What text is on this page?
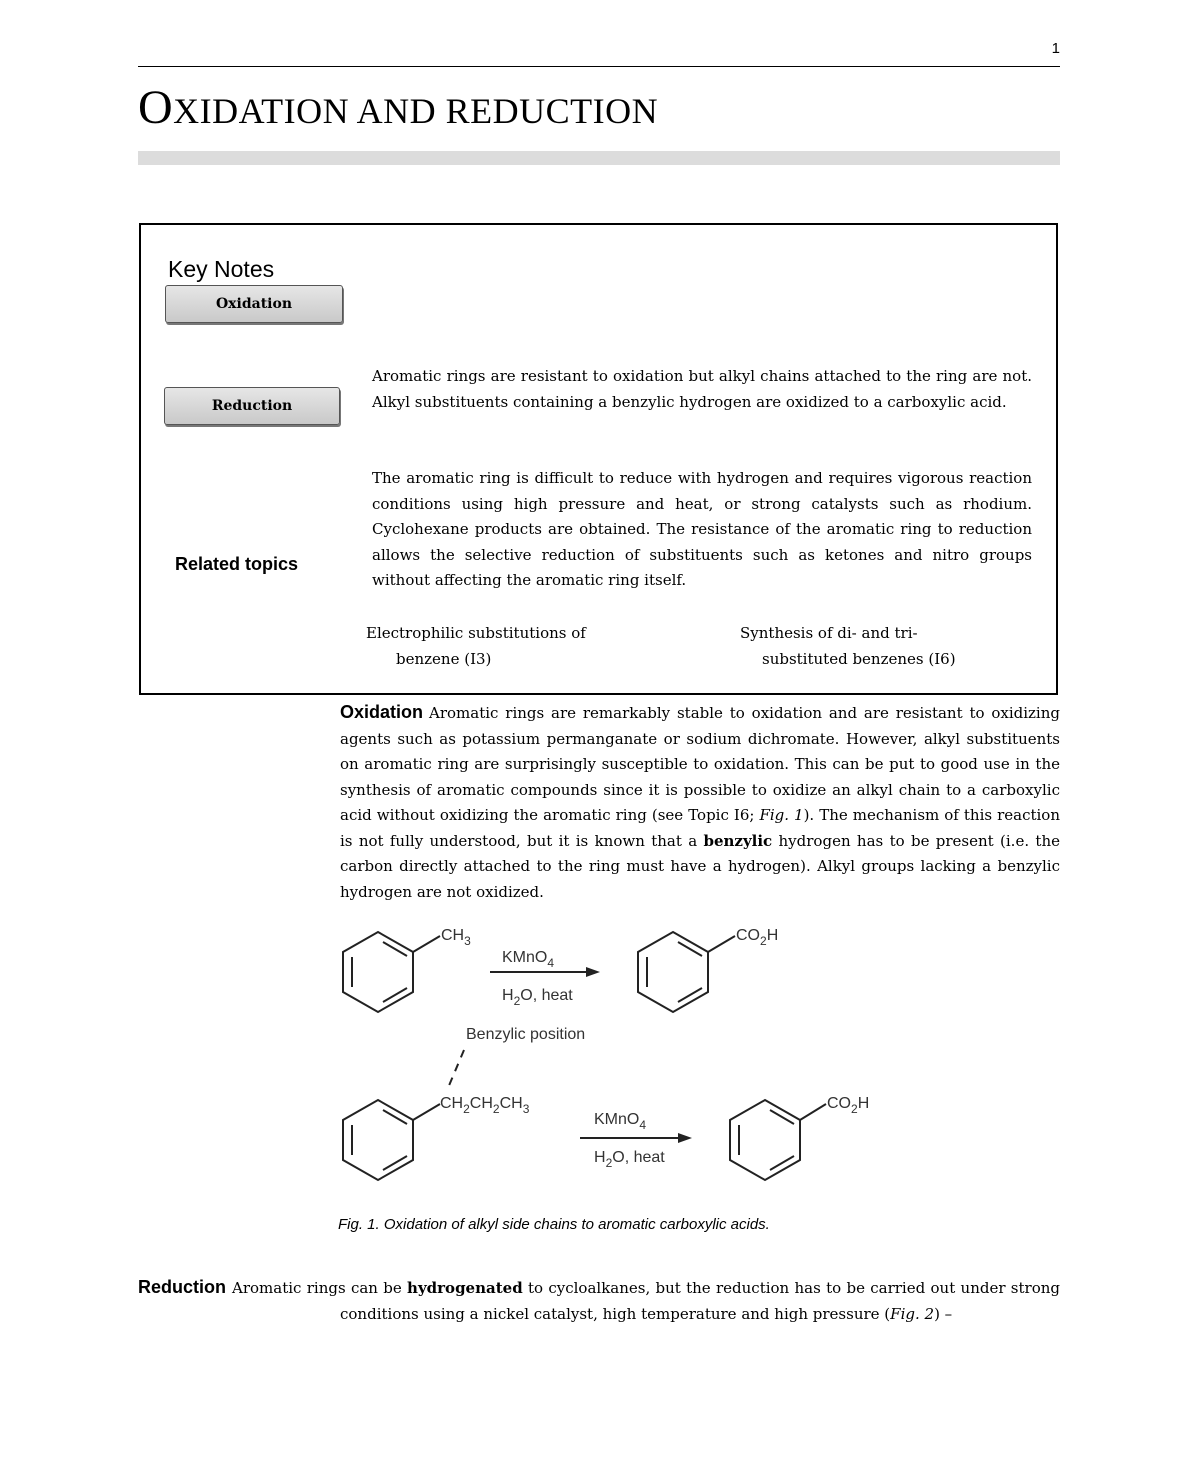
1
OXIDATION AND REDUCTION
Key Notes
Oxidation
Reduction
Related topics
Aromatic rings are resistant to oxidation but alkyl chains attached to the ring are not. Alkyl substituents containing a benzylic hydrogen are oxidized to a carboxylic acid.
The aromatic ring is difficult to reduce with hydrogen and requires vigorous reaction conditions using high pressure and heat, or strong catalysts such as rhodium. Cyclohexane products are obtained. The resistance of the aromatic ring to reduction allows the selective reduction of substituents such as ketones and nitro groups without affecting the aromatic ring itself.
Electrophilic substitutions of
benzene (I3)
Synthesis of di- and tri-
substituted benzenes (I6)
Oxidation Aromatic rings are remarkably stable to oxidation and are resistant to oxidizing agents such as potassium permanganate or sodium dichromate. However, alkyl substituents on aromatic ring are surprisingly susceptible to oxidation. This can be put to good use in the synthesis of aromatic compounds since it is possible to oxidize an alkyl chain to a carboxylic acid without oxidizing the aromatic ring (see Topic I6; Fig. 1). The mechanism of this reaction is not fully understood, but it is known that a benzylic hydrogen has to be present (i.e. the carbon directly attached to the ring must have a hydrogen). Alkyl groups lacking a benzylic hydrogen are not oxidized.
$CH_3$
KMnO$_4$
$H_2O$, heat
$CO_2H$
Benzylic position
$CH_2CH_2CH_3$
KMnO$_4$
$H_2O$, heat
$CO_2H$
Fig. 1. Oxidation of alkyl side chains to aromatic carboxylic acids.
Reduction Aromatic rings can be hydrogenated to cycloalkanes, but the reduction has to be carried out under strong conditions using a nickel catalyst, high temperature and high pressure (Fig. 2) –
